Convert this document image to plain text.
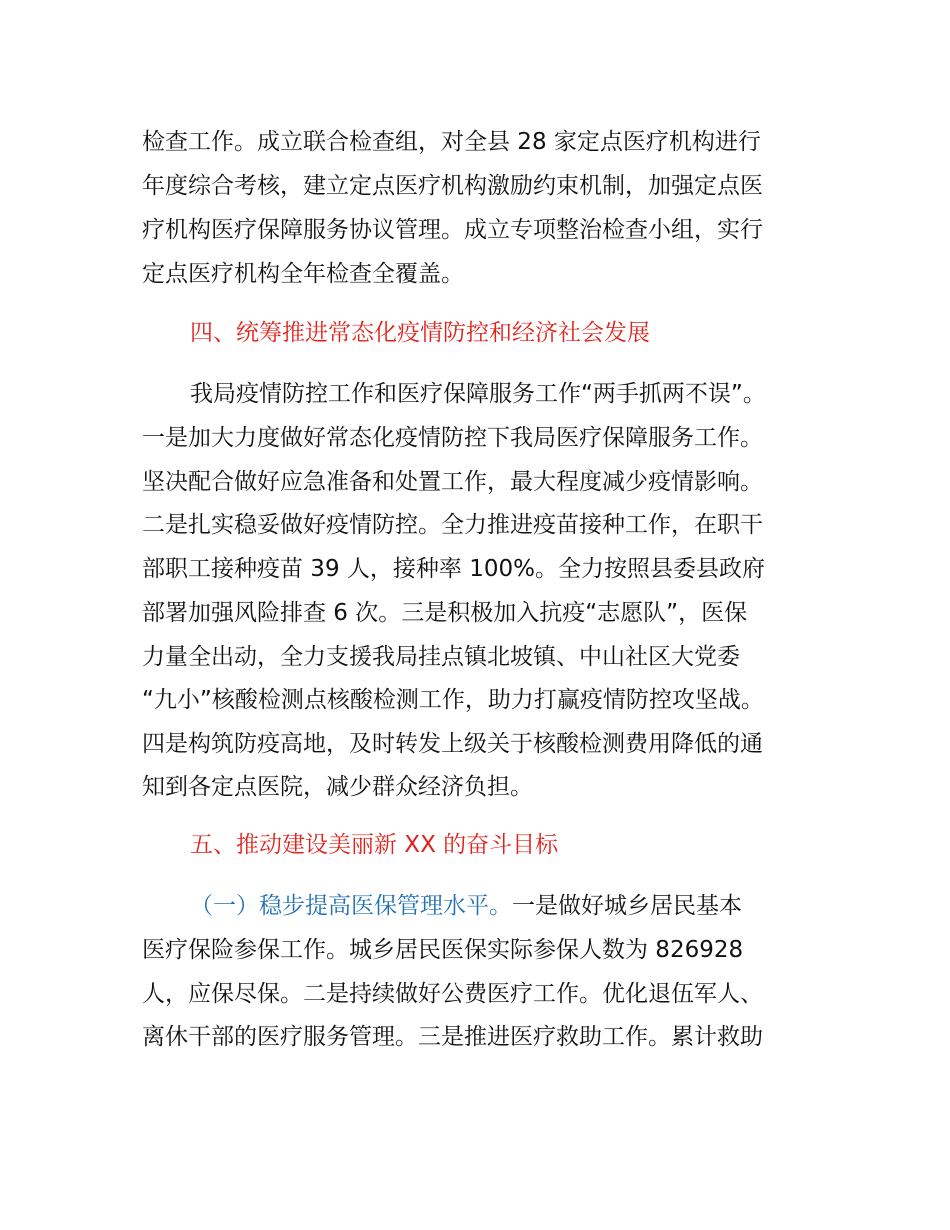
检查工作。成立联合检查组，对全县 28 家定点医疗机构进行
年度综合考核，建立定点医疗机构激励约束机制，加强定点医
疗机构医疗保障服务协议管理。成立专项整治检查小组，实行
定点医疗机构全年检查全覆盖。
四、统筹推进常态化疫情防控和经济社会发展
我局疫情防控工作和医疗保障服务工作“两手抓两不误”。
一是加大力度做好常态化疫情防控下我局医疗保障服务工作。
坚决配合做好应急准备和处置工作，最大程度减少疫情影响。
二是扎实稳妥做好疫情防控。全力推进疫苗接种工作，在职干
部职工接种疫苗 39 人，接种率 100%。全力按照县委县政府
部署加强风险排查 6 次。三是积极加入抗疫“志愿队”，医保
力量全出动，全力支援我局挂点镇北坡镇、中山社区大党委
“九小”核酸检测点核酸检测工作，助力打赢疫情防控攻坚战。
四是构筑防疫高地，及时转发上级关于核酸检测费用降低的通
知到各定点医院，减少群众经济负担。
五、推动建设美丽新 XX 的奋斗目标
（一）稳步提高医保管理水平。一是做好城乡居民基本
医疗保险参保工作。城乡居民医保实际参保人数为 826928
人，应保尽保。二是持续做好公费医疗工作。优化退伍军人、
离休干部的医疗服务管理。三是推进医疗救助工作。累计救助
